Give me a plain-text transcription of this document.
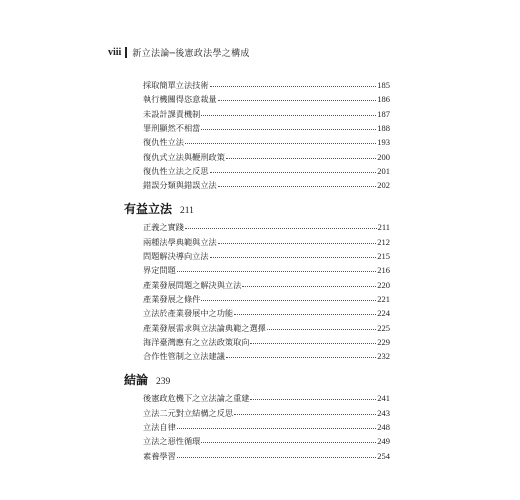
viii 新立法論─後憲政法學之構成
採取簡單立法技術	185
執行機關得恣意裁量	186
未設計課責機制	187
罪刑顯然不相當	188
復仇性立法	193
復仇式立法與鞭刑政策	200
復仇性立法之反思	201
錯誤分類與錯誤立法	202
有益立法 211
正義之實踐	211
兩種法學典範與立法	212
問題解決導向立法	215
界定問題	216
產業發展問題之解決與立法	220
產業發展之條件	221
立法於產業發展中之功能	224
產業發展需求與立法論典範之選擇	225
海洋臺灣應有之立法政策取向	229
合作性管制之立法建議	232
結論 239
後憲政危機下之立法論之重建	241
立法二元對立結構之反思	243
立法自律	248
立法之惡性循環	249
素養學習	254
